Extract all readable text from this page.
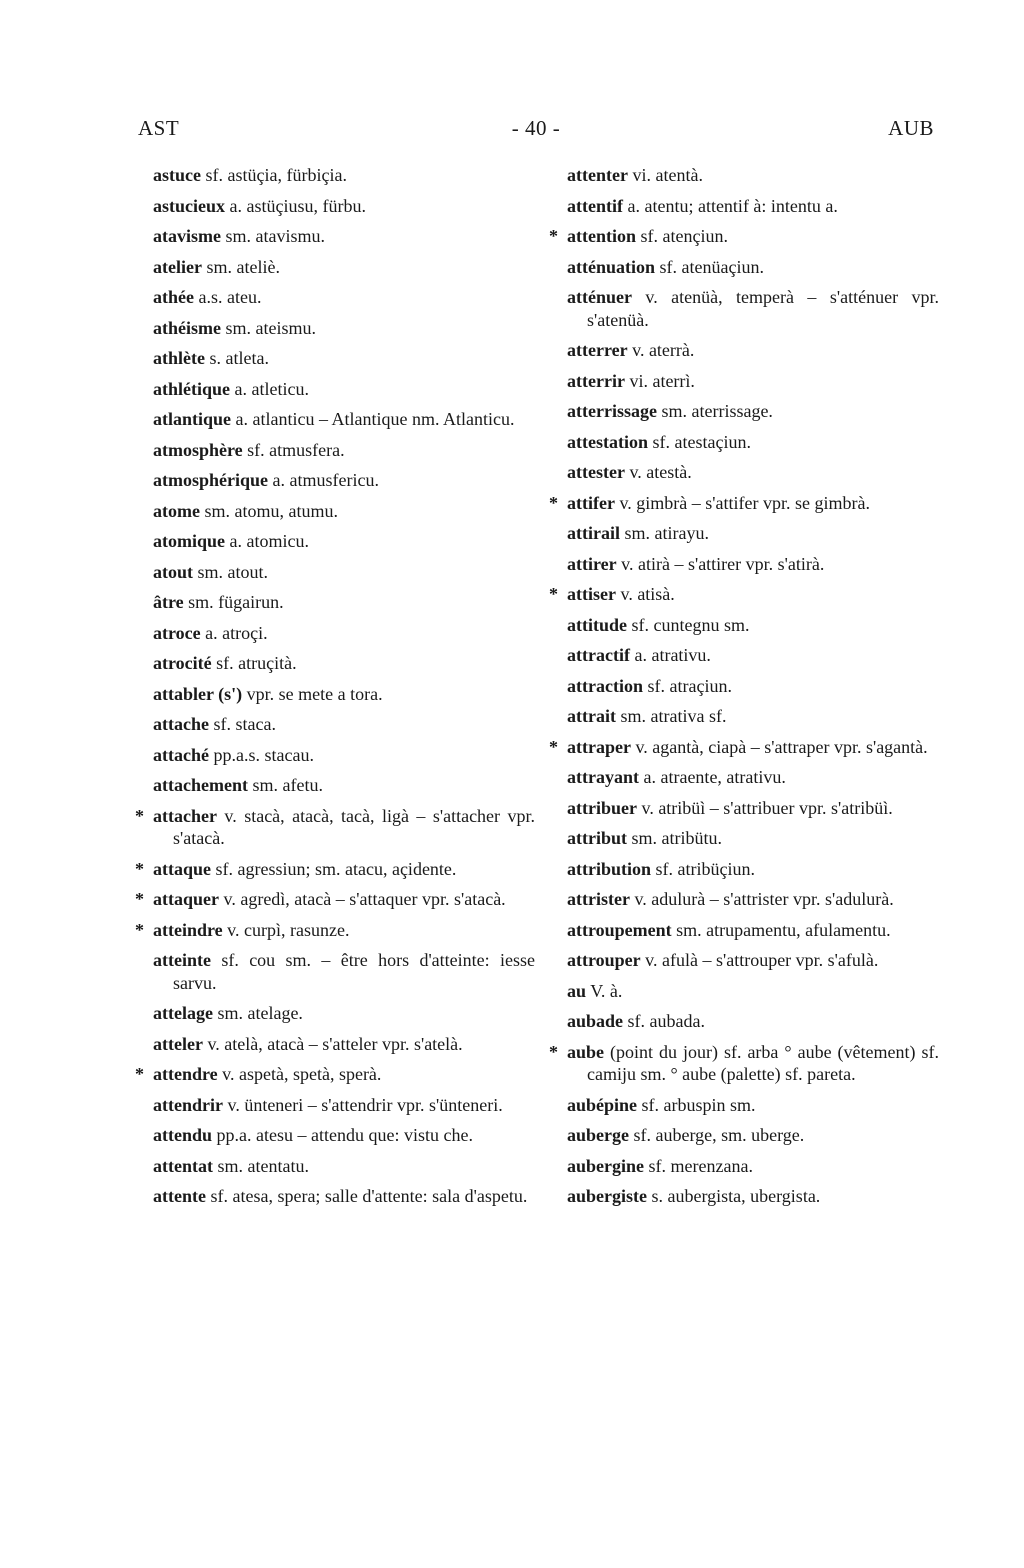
AST	- 40 -	AUB
astuce sf. astüçia, fürbiçia.
astucieux a. astüçiusu, fürbu.
atavisme sm. atavismu.
atelier sm. ateliè.
athée a.s. ateu.
athéisme sm. ateismu.
athlète s. atleta.
athlétique a. atleticu.
atlantique a. atlanticu – Atlantique nm. Atlanticu.
atmosphère sf. atmusfera.
atmosphérique a. atmusfericu.
atome sm. atomu, atumu.
atomique a. atomicu.
atout sm. atout.
âtre sm. fügairun.
atroce a. atroçi.
atrocité sf. atruçità.
attabler (s') vpr. se mete a tora.
attache sf. staca.
attaché pp.a.s. stacau.
attachement sm. afetu.
* attacher v. stacà, atacà, tacà, ligà – s'attacher vpr. s'atacà.
* attaque sf. agressiun; sm. atacu, açidente.
* attaquer v. agredì, atacà – s'attaquer vpr. s'atacà.
* atteindre v. curpì, rasunze.
atteinte sf. cou sm. – être hors d'atteinte: iesse sarvu.
attelage sm. atelage.
atteler v. atelà, atacà – s'atteler vpr. s'atelà.
* attendre v. aspetà, spetà, sperà.
attendrir v. ünteneri – s'attendrir vpr. s'ünteneri.
attendu pp.a. atesu – attendu que: vistu che.
attentat sm. atentatu.
attente sf. atesa, spera; salle d'attente: sala d'aspetu.
attenter vi. atentà.
attentif a. atentu; attentif à: intentu a.
* attention sf. atençiun.
atténuation sf. atenüaçiun.
atténuer v. atenüà, temperà – s'atténuer vpr. s'atenüà.
atterrer v. aterrà.
atterrir vi. aterrì.
atterrissage sm. aterrissage.
attestation sf. atestaçiun.
attester v. atestà.
* attifer v. gimbrà – s'attifer vpr. se gimbrà.
attirail sm. atirayu.
attirer v. atirà – s'attirer vpr. s'atirà.
* attiser v. atisà.
attitude sf. cuntegnu sm.
attractif a. atrativu.
attraction sf. atraçiun.
attrait sm. atrativa sf.
* attraper v. agantà, ciapà – s'attraper vpr. s'agantà.
attrayant a. atraente, atrativu.
attribuer v. atribüì – s'attribuer vpr. s'atribüì.
attribut sm. atribütu.
attribution sf. atribüçiun.
attrister v. adulurà – s'attrister vpr. s'adulurà.
attroupement sm. atrupamentu, afulamentu.
attrouper v. afulà – s'attrouper vpr. s'afulà.
au V. à.
aubade sf. aubada.
* aube (point du jour) sf. arba ° aube (vêtement) sf. camiju sm. ° aube (palette) sf. pareta.
aubépine sf. arbuspin sm.
auberge sf. auberge, sm. uberge.
aubergine sf. merenzana.
aubergiste s. aubergista, ubergista.
